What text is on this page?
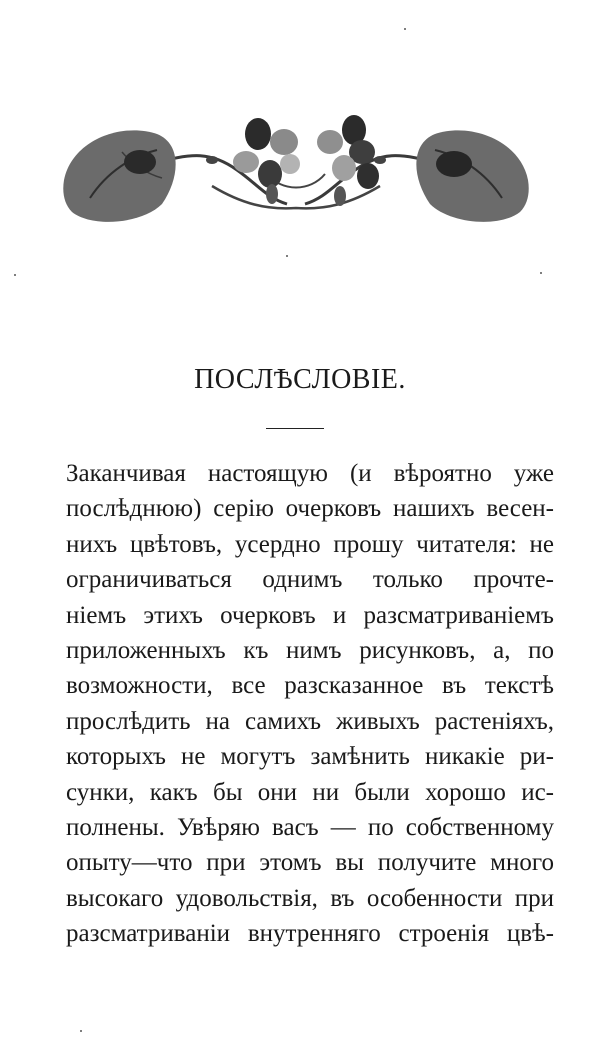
ПОСЛѢСЛОВІЕ.
Заканчивая настоящую (и вѣроятно уже
послѣднюю) серію очерковъ нашихъ весен-
нихъ цвѣтовъ, усердно прошу читателя: не
ограничиваться однимъ только прочте-
ніемъ этихъ очерковъ и разсматриваніемъ
приложенныхъ къ нимъ рисунковъ, а, по
возможности, все разсказанное въ текстѣ
прослѣдить на самихъ живыхъ растеніяхъ,
которыхъ не могутъ замѣнить никакіе ри-
сунки, какъ бы они ни были хорошо ис-
полнены. Увѣряю васъ — по собственному
опыту—что при этомъ вы получите много
высокаго удовольствія, въ особенности при
разсматриваніи внутренняго строенія цвѣ-
